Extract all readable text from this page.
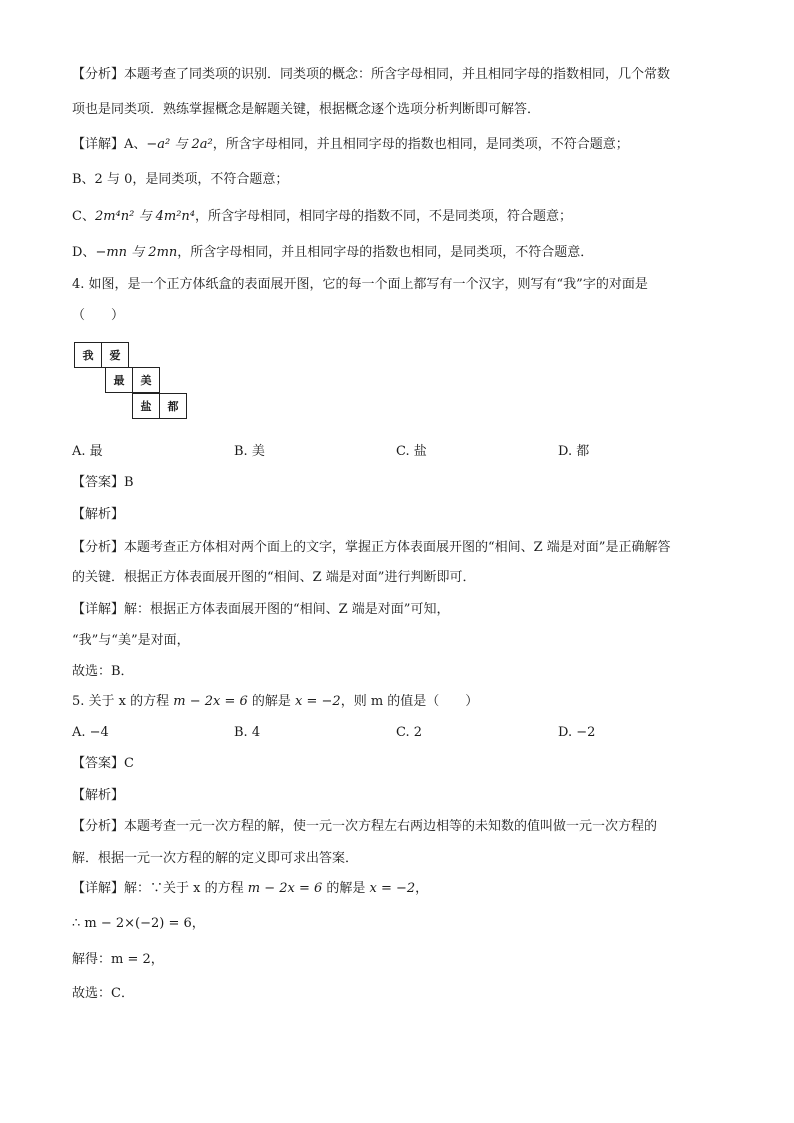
【分析】本题考查了同类项的识别．同类项的概念：所含字母相同，并且相同字母的指数相同，几个常数
项也是同类项．熟练掌握概念是解题关键，根据概念逐个选项分析判断即可解答．
【详解】A、−a² 与 2a²，所含字母相同，并且相同字母的指数也相同，是同类项，不符合题意；
B、2 与 0，是同类项，不符合题意；
C、2m⁴n² 与 4m²n⁴，所含字母相同，相同字母的指数不同，不是同类项，符合题意；
D、−mn 与 2mn，所含字母相同，并且相同字母的指数也相同，是同类项，不符合题意．
4. 如图，是一个正方体纸盒的表面展开图，它的每一个面上都写有一个汉字，则写有“我”字的对面是
（　　）
我	爱
最	美
盐	都
A. 最	B. 美	C. 盐	D. 都
【答案】B
【解析】
【分析】本题考查正方体相对两个面上的文字，掌握正方体表面展开图的“相间、Z 端是对面”是正确解答
的关键．根据正方体表面展开图的“相间、Z 端是对面”进行判断即可．
【详解】解：根据正方体表面展开图的“相间、Z 端是对面”可知，
“我”与“美”是对面，
故选：B．
5. 关于 x 的方程 m − 2x = 6 的解是 x = −2，则 m 的值是（　　）
A. −4	B. 4	C. 2	D. −2
【答案】C
【解析】
【分析】本题考查一元一次方程的解，使一元一次方程左右两边相等的未知数的值叫做一元一次方程的
解．根据一元一次方程的解的定义即可求出答案．
【详解】解：∵关于 x 的方程 m − 2x = 6 的解是 x = −2，
∴ m − 2×(−2) = 6，
解得：m = 2，
故选：C．
